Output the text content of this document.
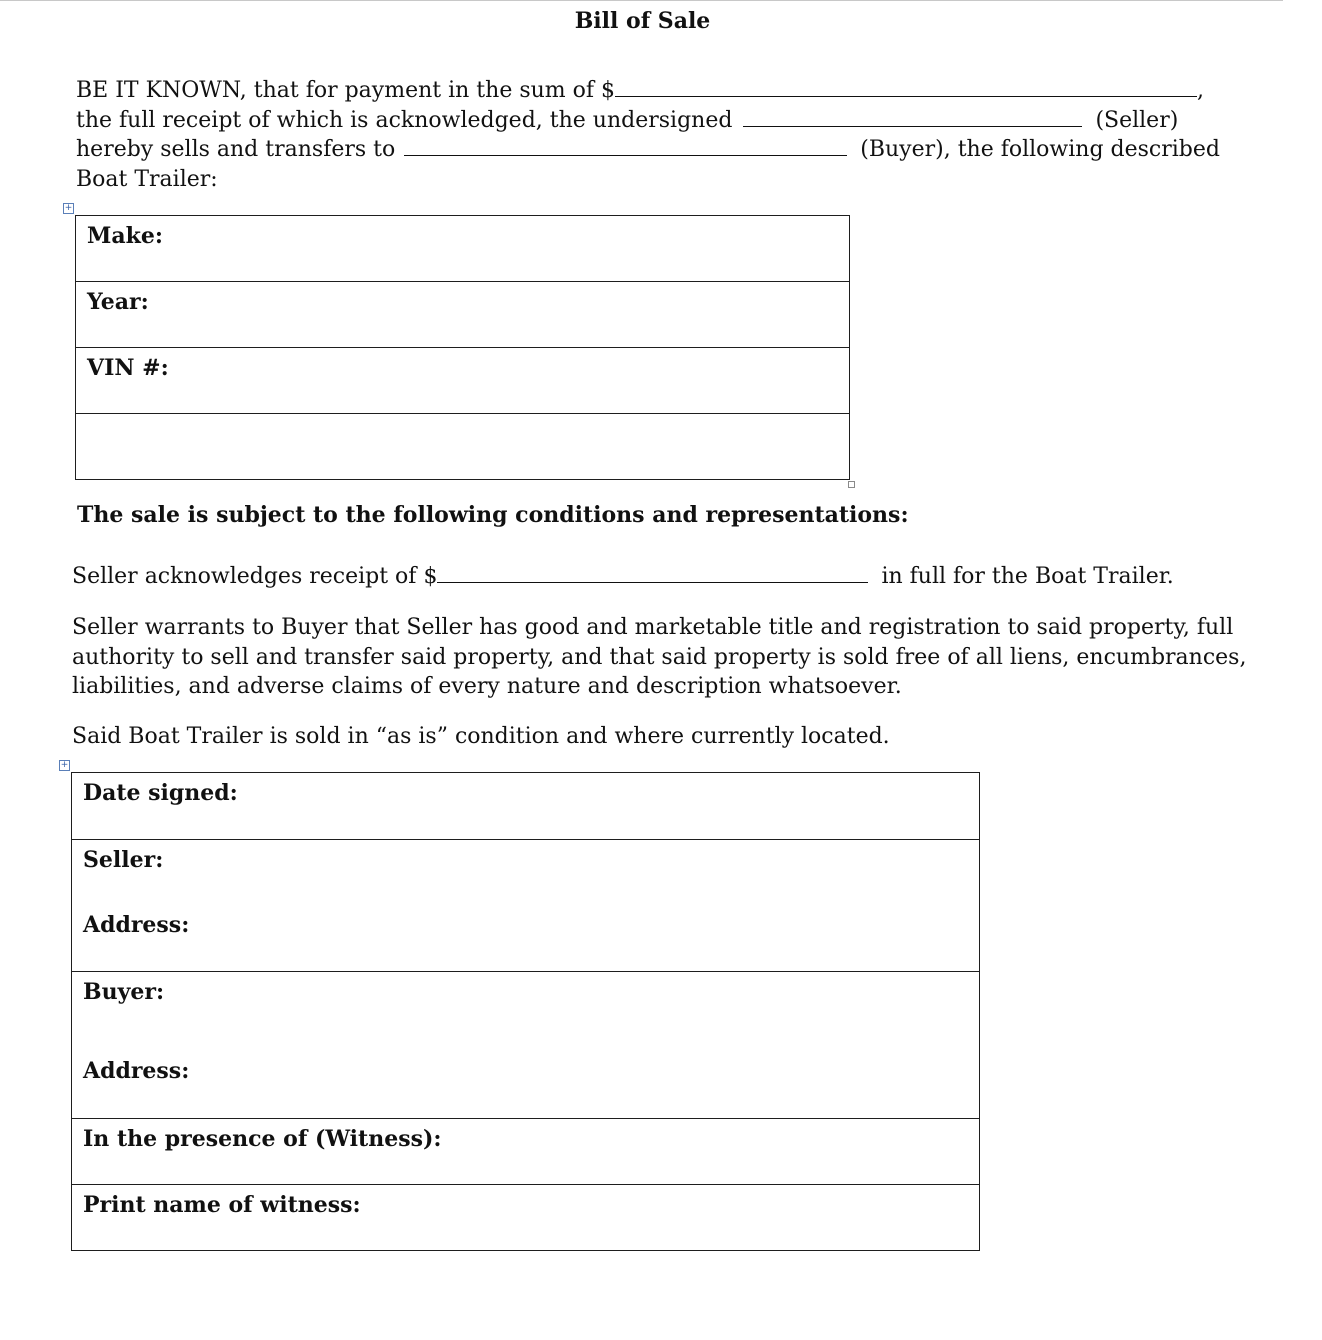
Bill of Sale
BE IT KNOWN, that for payment in the sum of $	,
the full receipt of which is acknowledged, the undersigned	(Seller)
hereby sells and transfers to	(Buyer), the following described
Boat Trailer:
+
Make:

Year:

VIN #:

The sale is subject to the following conditions and representations:
Seller acknowledges receipt of $	in full for the Boat Trailer.
Seller warrants to Buyer that Seller has good and marketable title and registration to said property, full
authority to sell and transfer said property, and that said property is sold free of all liens, encumbrances,
liabilities, and adverse claims of every nature and description whatsoever.
Said Boat Trailer is sold in “as is” condition and where currently located.
+
Date signed:

Seller:
Address:

Buyer:
Address:

In the presence of (Witness):

Print name of witness:
